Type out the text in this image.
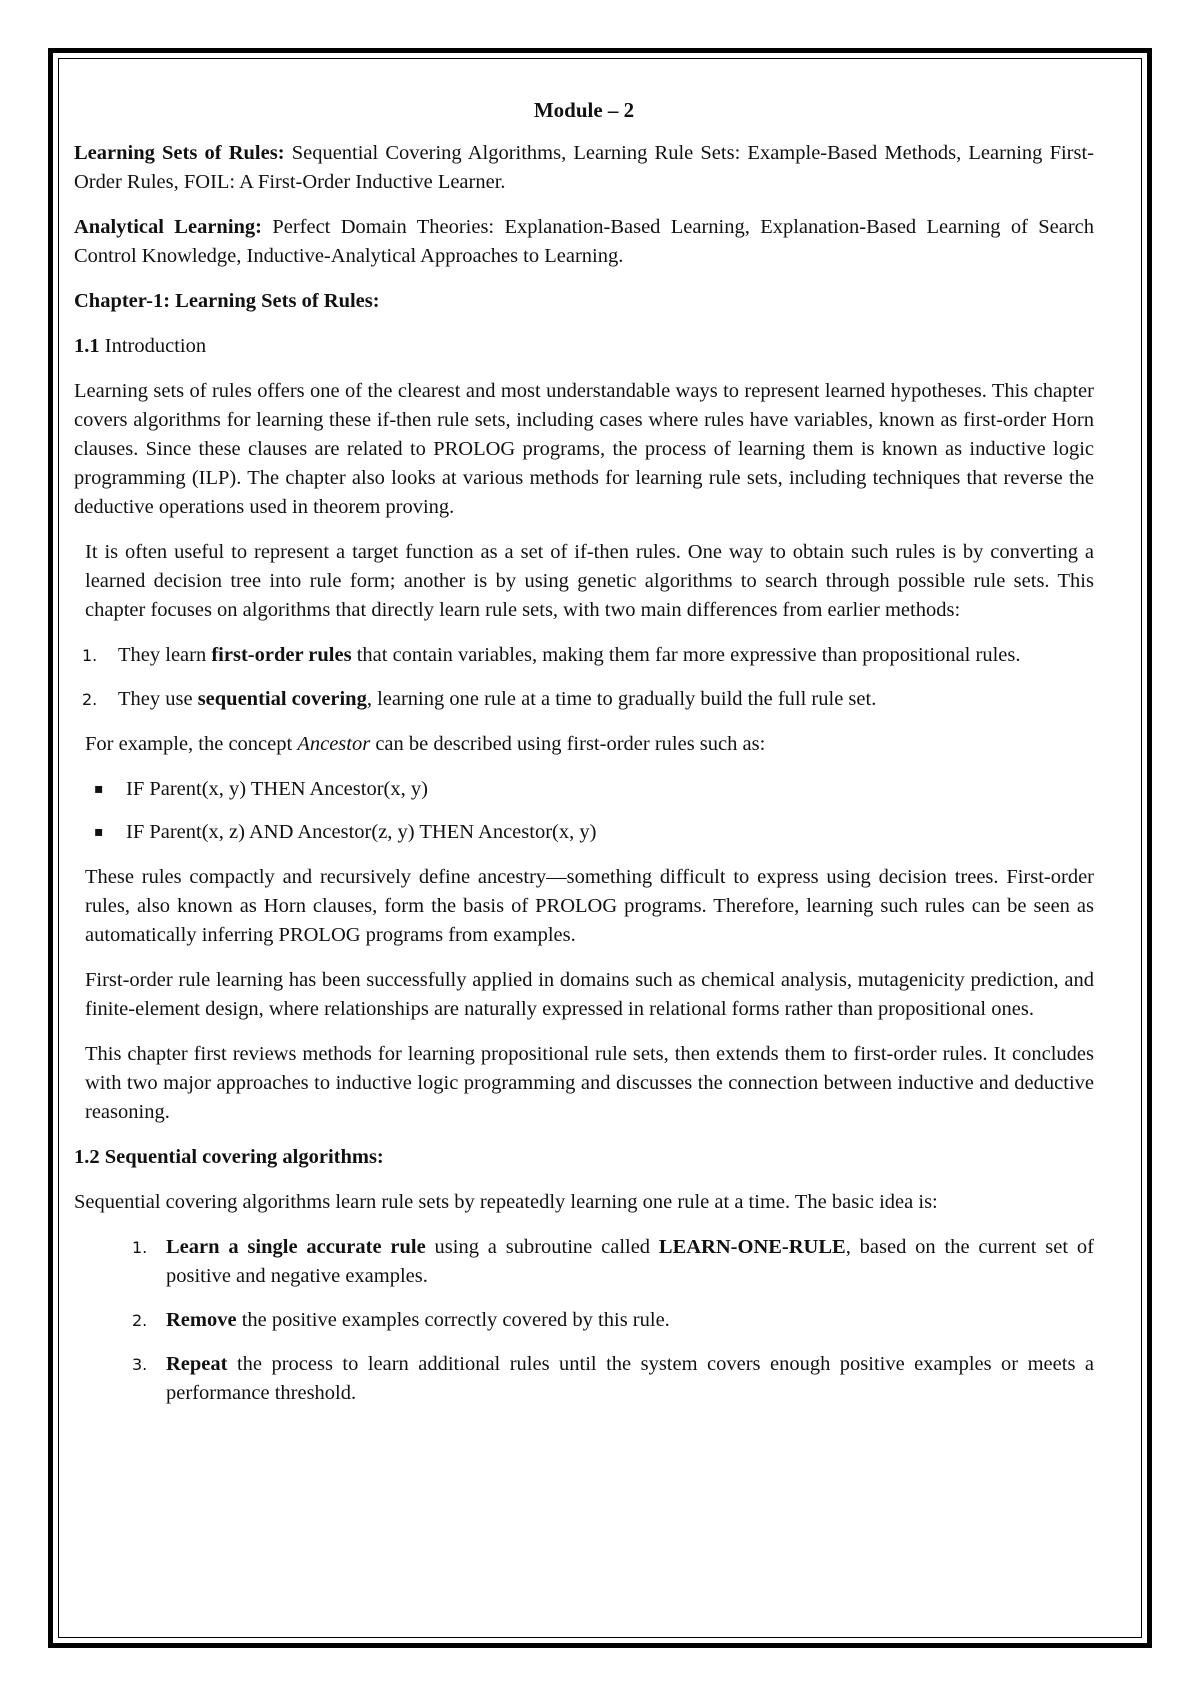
Module – 2

Learning Sets of Rules: Sequential Covering Algorithms, Learning Rule Sets: Example-Based Methods, Learning First-Order Rules, FOIL: A First-Order Inductive Learner.

Analytical Learning: Perfect Domain Theories: Explanation-Based Learning, Explanation-Based Learning of Search Control Knowledge, Inductive-Analytical Approaches to Learning.

Chapter-1: Learning Sets of Rules:

1.1 Introduction

Learning sets of rules offers one of the clearest and most understandable ways to represent learned hypotheses. This chapter covers algorithms for learning these if-then rule sets, including cases where rules have variables, known as first-order Horn clauses. Since these clauses are related to PROLOG programs, the process of learning them is known as inductive logic programming (ILP). The chapter also looks at various methods for learning rule sets, including techniques that reverse the deductive operations used in theorem proving.

It is often useful to represent a target function as a set of if-then rules. One way to obtain such rules is by converting a learned decision tree into rule form; another is by using genetic algorithms to search through possible rule sets. This chapter focuses on algorithms that directly learn rule sets, with two main differences from earlier methods:

1. They learn first-order rules that contain variables, making them far more expressive than propositional rules.
2. They use sequential covering, learning one rule at a time to gradually build the full rule set.

For example, the concept Ancestor can be described using first-order rules such as:

▪ IF Parent(x, y) THEN Ancestor(x, y)
▪ IF Parent(x, z) AND Ancestor(z, y) THEN Ancestor(x, y)

These rules compactly and recursively define ancestry—something difficult to express using decision trees. First-order rules, also known as Horn clauses, form the basis of PROLOG programs. Therefore, learning such rules can be seen as automatically inferring PROLOG programs from examples.

First-order rule learning has been successfully applied in domains such as chemical analysis, mutagenicity prediction, and finite-element design, where relationships are naturally expressed in relational forms rather than propositional ones.

This chapter first reviews methods for learning propositional rule sets, then extends them to first-order rules. It concludes with two major approaches to inductive logic programming and discusses the connection between inductive and deductive reasoning.

1.2 Sequential covering algorithms:

Sequential covering algorithms learn rule sets by repeatedly learning one rule at a time. The basic idea is:

1. Learn a single accurate rule using a subroutine called LEARN-ONE-RULE, based on the current set of positive and negative examples.
2. Remove the positive examples correctly covered by this rule.
3. Repeat the process to learn additional rules until the system covers enough positive examples or meets a performance threshold.
